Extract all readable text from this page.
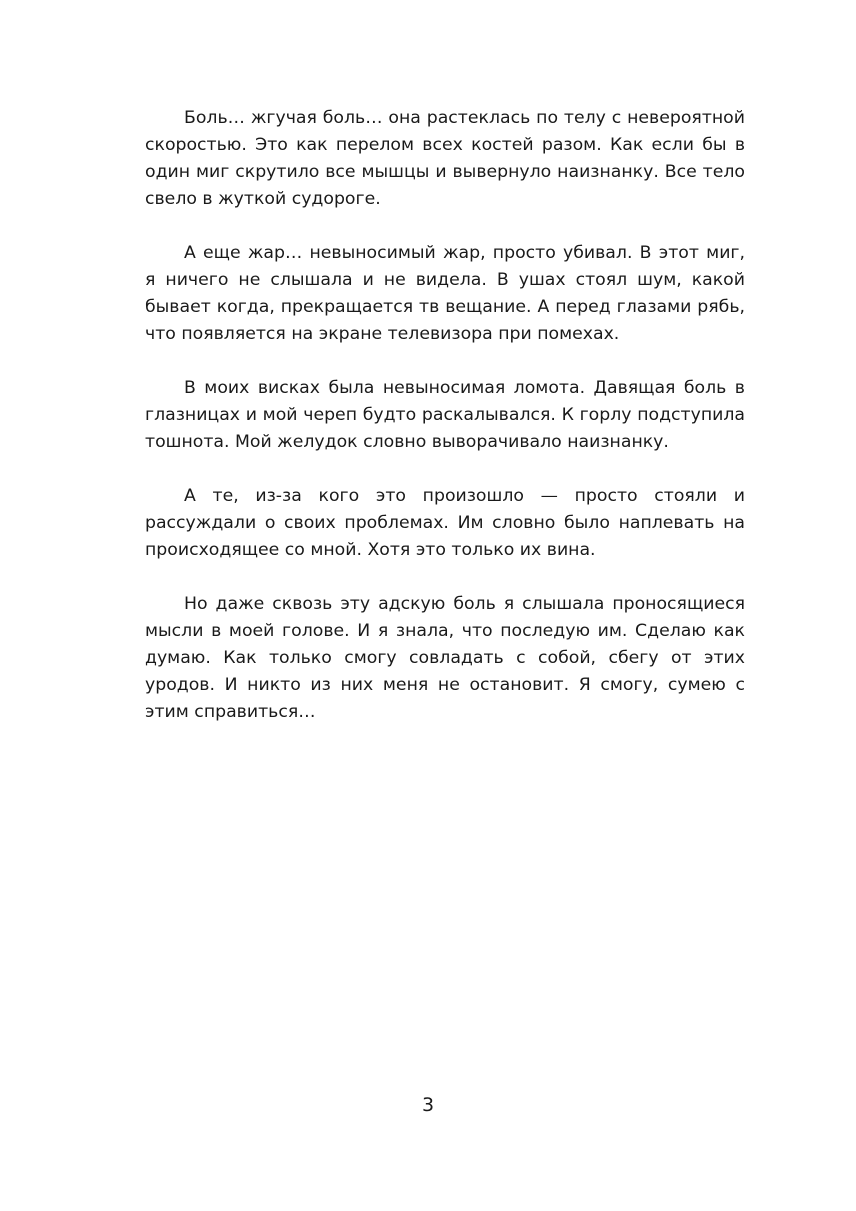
Боль… жгучая боль… она растеклась по телу с невероятной скоростью. Это как перелом всех костей разом. Как если бы в один миг скрутило все мышцы и вывернуло наизнанку. Все тело свело в жуткой судороге.

А еще жар… невыносимый жар, просто убивал. В этот миг, я ничего не слышала и не видела. В ушах стоял шум, какой бывает когда, прекращается тв вещание. А перед глазами рябь, что появляется на экране телевизора при помехах.

В моих висках была невыносимая ломота. Давящая боль в глазницах и мой череп будто раскалывался. К горлу подступила тошнота. Мой желудок словно выворачивало наизнанку.

А те, из-за кого это произошло — просто стояли и рассуждали о своих проблемах. Им словно было наплевать на происходящее со мной. Хотя это только их вина.

Но даже сквозь эту адскую боль я слышала проносящиеся мысли в моей голове. И я знала, что последую им. Сделаю как думаю. Как только смогу совладать с собой, сбегу от этих уродов. И никто из них меня не остановит. Я смогу, сумею с этим справиться…

3
